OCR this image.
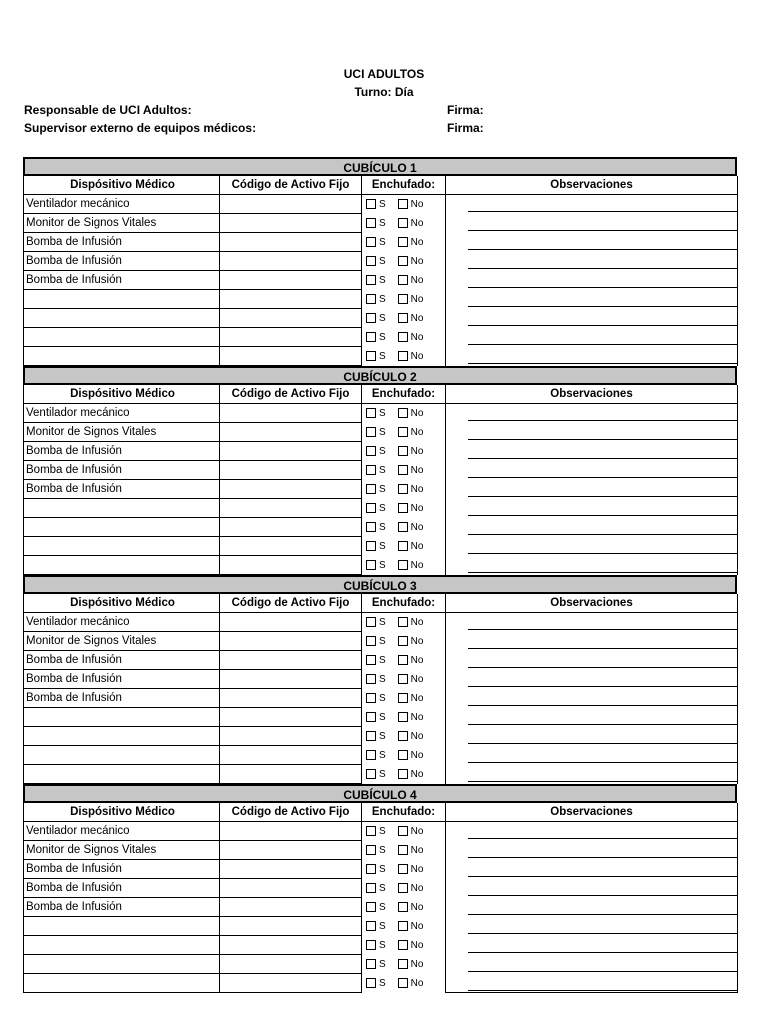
UCI ADULTOS
Turno: Día
Responsable de UCI Adultos:
Supervisor externo de equipos médicos:
Firma:
Firma:
CUBÍCULO 1
Dispósitivo Médico	Código de Activo Fijo	Enchufado:	Observaciones
Ventilador mecánico		S No	

Monitor de Signos Vitales		S No	

Bomba de Infusión		S No	

Bomba de Infusión		S No	

Bomba de Infusión		S No	

		S No	

		S No	

		S No	

		S No	

CUBÍCULO 2
Dispósitivo Médico	Código de Activo Fijo	Enchufado:	Observaciones
Ventilador mecánico		S No	

Monitor de Signos Vitales		S No	

Bomba de Infusión		S No	

Bomba de Infusión		S No	

Bomba de Infusión		S No	

		S No	

		S No	

		S No	

		S No	

CUBÍCULO 3
Dispósitivo Médico	Código de Activo Fijo	Enchufado:	Observaciones
Ventilador mecánico		S No	

Monitor de Signos Vitales		S No	

Bomba de Infusión		S No	

Bomba de Infusión		S No	

Bomba de Infusión		S No	

		S No	

		S No	

		S No	

		S No	

CUBÍCULO 4
Dispósitivo Médico	Código de Activo Fijo	Enchufado:	Observaciones
Ventilador mecánico		S No	

Monitor de Signos Vitales		S No	

Bomba de Infusión		S No	

Bomba de Infusión		S No	

Bomba de Infusión		S No	

		S No	

		S No	

		S No	

		S No	
